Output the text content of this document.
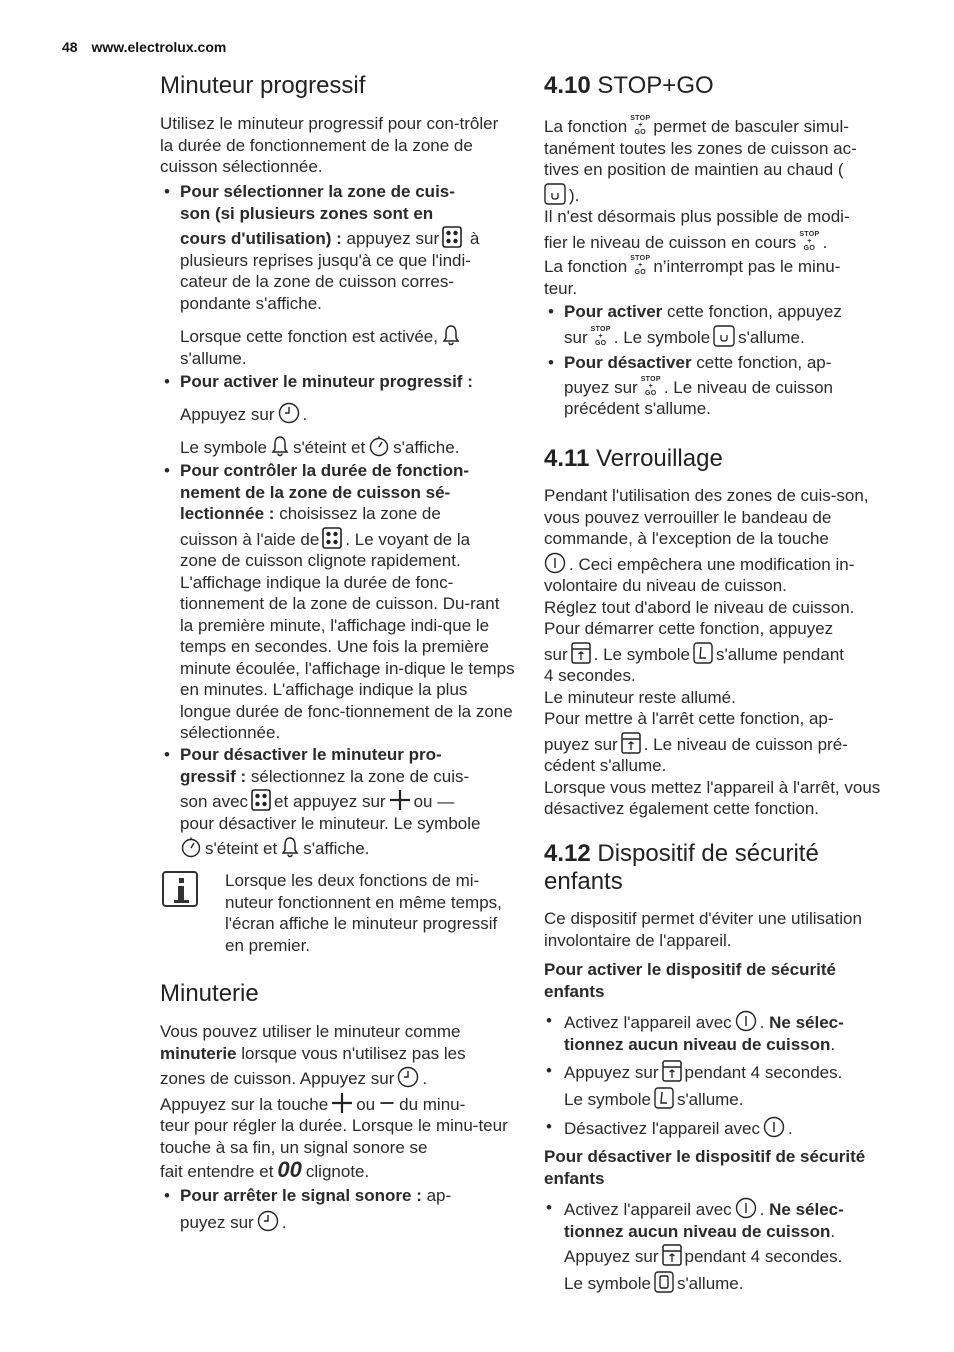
48 www.electrolux.com
Minuteur progressif

Utilisez le minuteur progressif pour con-trôler la durée de fonctionnement de la zone de cuisson sélectionnée.

• Pour sélectionner la zone de cuis-

son (si plusieurs zones sont en

cours d'utilisation) : appuyez sur
à

plusieurs reprises jusqu'à ce que l'indi-cateur de la zone de cuisson corres-pondante s'affiche.

Lorsque cette fonction est activée,

s'allume.

• Pour activer le minuteur progressif :

Appuyez sur .

Le symbole s'éteint et s'affiche.

• Pour contrôler la durée de fonction-

nement de la zone de cuisson sé-

lectionnée : choisissez la zone de

cuisson à l'aide de . Le voyant de la

zone de cuisson clignote rapidement. L'affichage indique la durée de fonc-tionnement de la zone de cuisson. Du-rant la première minute, l'affichage indi-que le temps en secondes. Une fois la première minute écoulée, l'affichage in-dique le temps en minutes. L'affichage indique la plus longue durée de fonc-tionnement de la zone sélectionnée.

• Pour désactiver le minuteur pro-

gressif : sélectionnez la zone de cuis-

son avec et appuyez sur ou —

pour désactiver le minuteur. Le symbole

s'éteint et s'affiche.

Lorsque les deux fonctions de mi-nuteur fonctionnent en même temps, l'écran affiche le minuteur progressif en premier.

Minuterie

Vous pouvez utiliser le minuteur comme

minuterie lorsque vous n'utilisez pas les

zones de cuisson. Appuyez sur .

Appuyez sur la touche ou du minu-

teur pour régler la durée. Lorsque le minu-teur touche à sa fin, un signal sonore se

fait entendre et 00 clignote.

• Pour arrêter le signal sonore : ap-

puyez sur .

4.10 STOP+GO

La fonction STOP
+
GO permet de basculer simul-

tanément toutes les zones de cuisson ac-

tives en position de maintien au chaud (

).

Il n'est désormais plus possible de modi-

fier le niveau de cuisson en cours STOP
+
GO .

La fonction STOP
+
GO n’interrompt pas le minu-

teur.

• Pour activer cette fonction, appuyez

sur STOP
+
GO . Le symbole s'allume.

• Pour désactiver cette fonction, ap-

puyez sur STOP
+
GO . Le niveau de cuisson

précédent s'allume.

4.11 Verrouillage

Pendant l'utilisation des zones de cuis-son, vous pouvez verrouiller le bandeau de commande, à l'exception de la touche

. Ceci empêchera une modification in-

volontaire du niveau de cuisson.

Réglez tout d'abord le niveau de cuisson.

Pour démarrer cette fonction, appuyez

sur . Le symbole s'allume pendant

4 secondes.

Le minuteur reste allumé.

Pour mettre à l'arrêt cette fonction, ap-

puyez sur . Le niveau de cuisson pré-

cédent s'allume.

Lorsque vous mettez l'appareil à l'arrêt, vous désactivez également cette fonction.

4.12 Dispositif de sécurité enfants

Ce dispositif permet d'éviter une utilisation involontaire de l'appareil.

Pour activer le dispositif de sécurité enfants

• Activez l'appareil avec . Ne sélec-

tionnez aucun niveau de cuisson.

• Appuyez sur pendant 4 secondes.

Le symbole s'allume.

• Désactivez l'appareil avec .

Pour désactiver le dispositif de sécurité enfants

• Activez l'appareil avec . Ne sélec-

tionnez aucun niveau de cuisson.

Appuyez sur pendant 4 secondes.

Le symbole s'allume.
